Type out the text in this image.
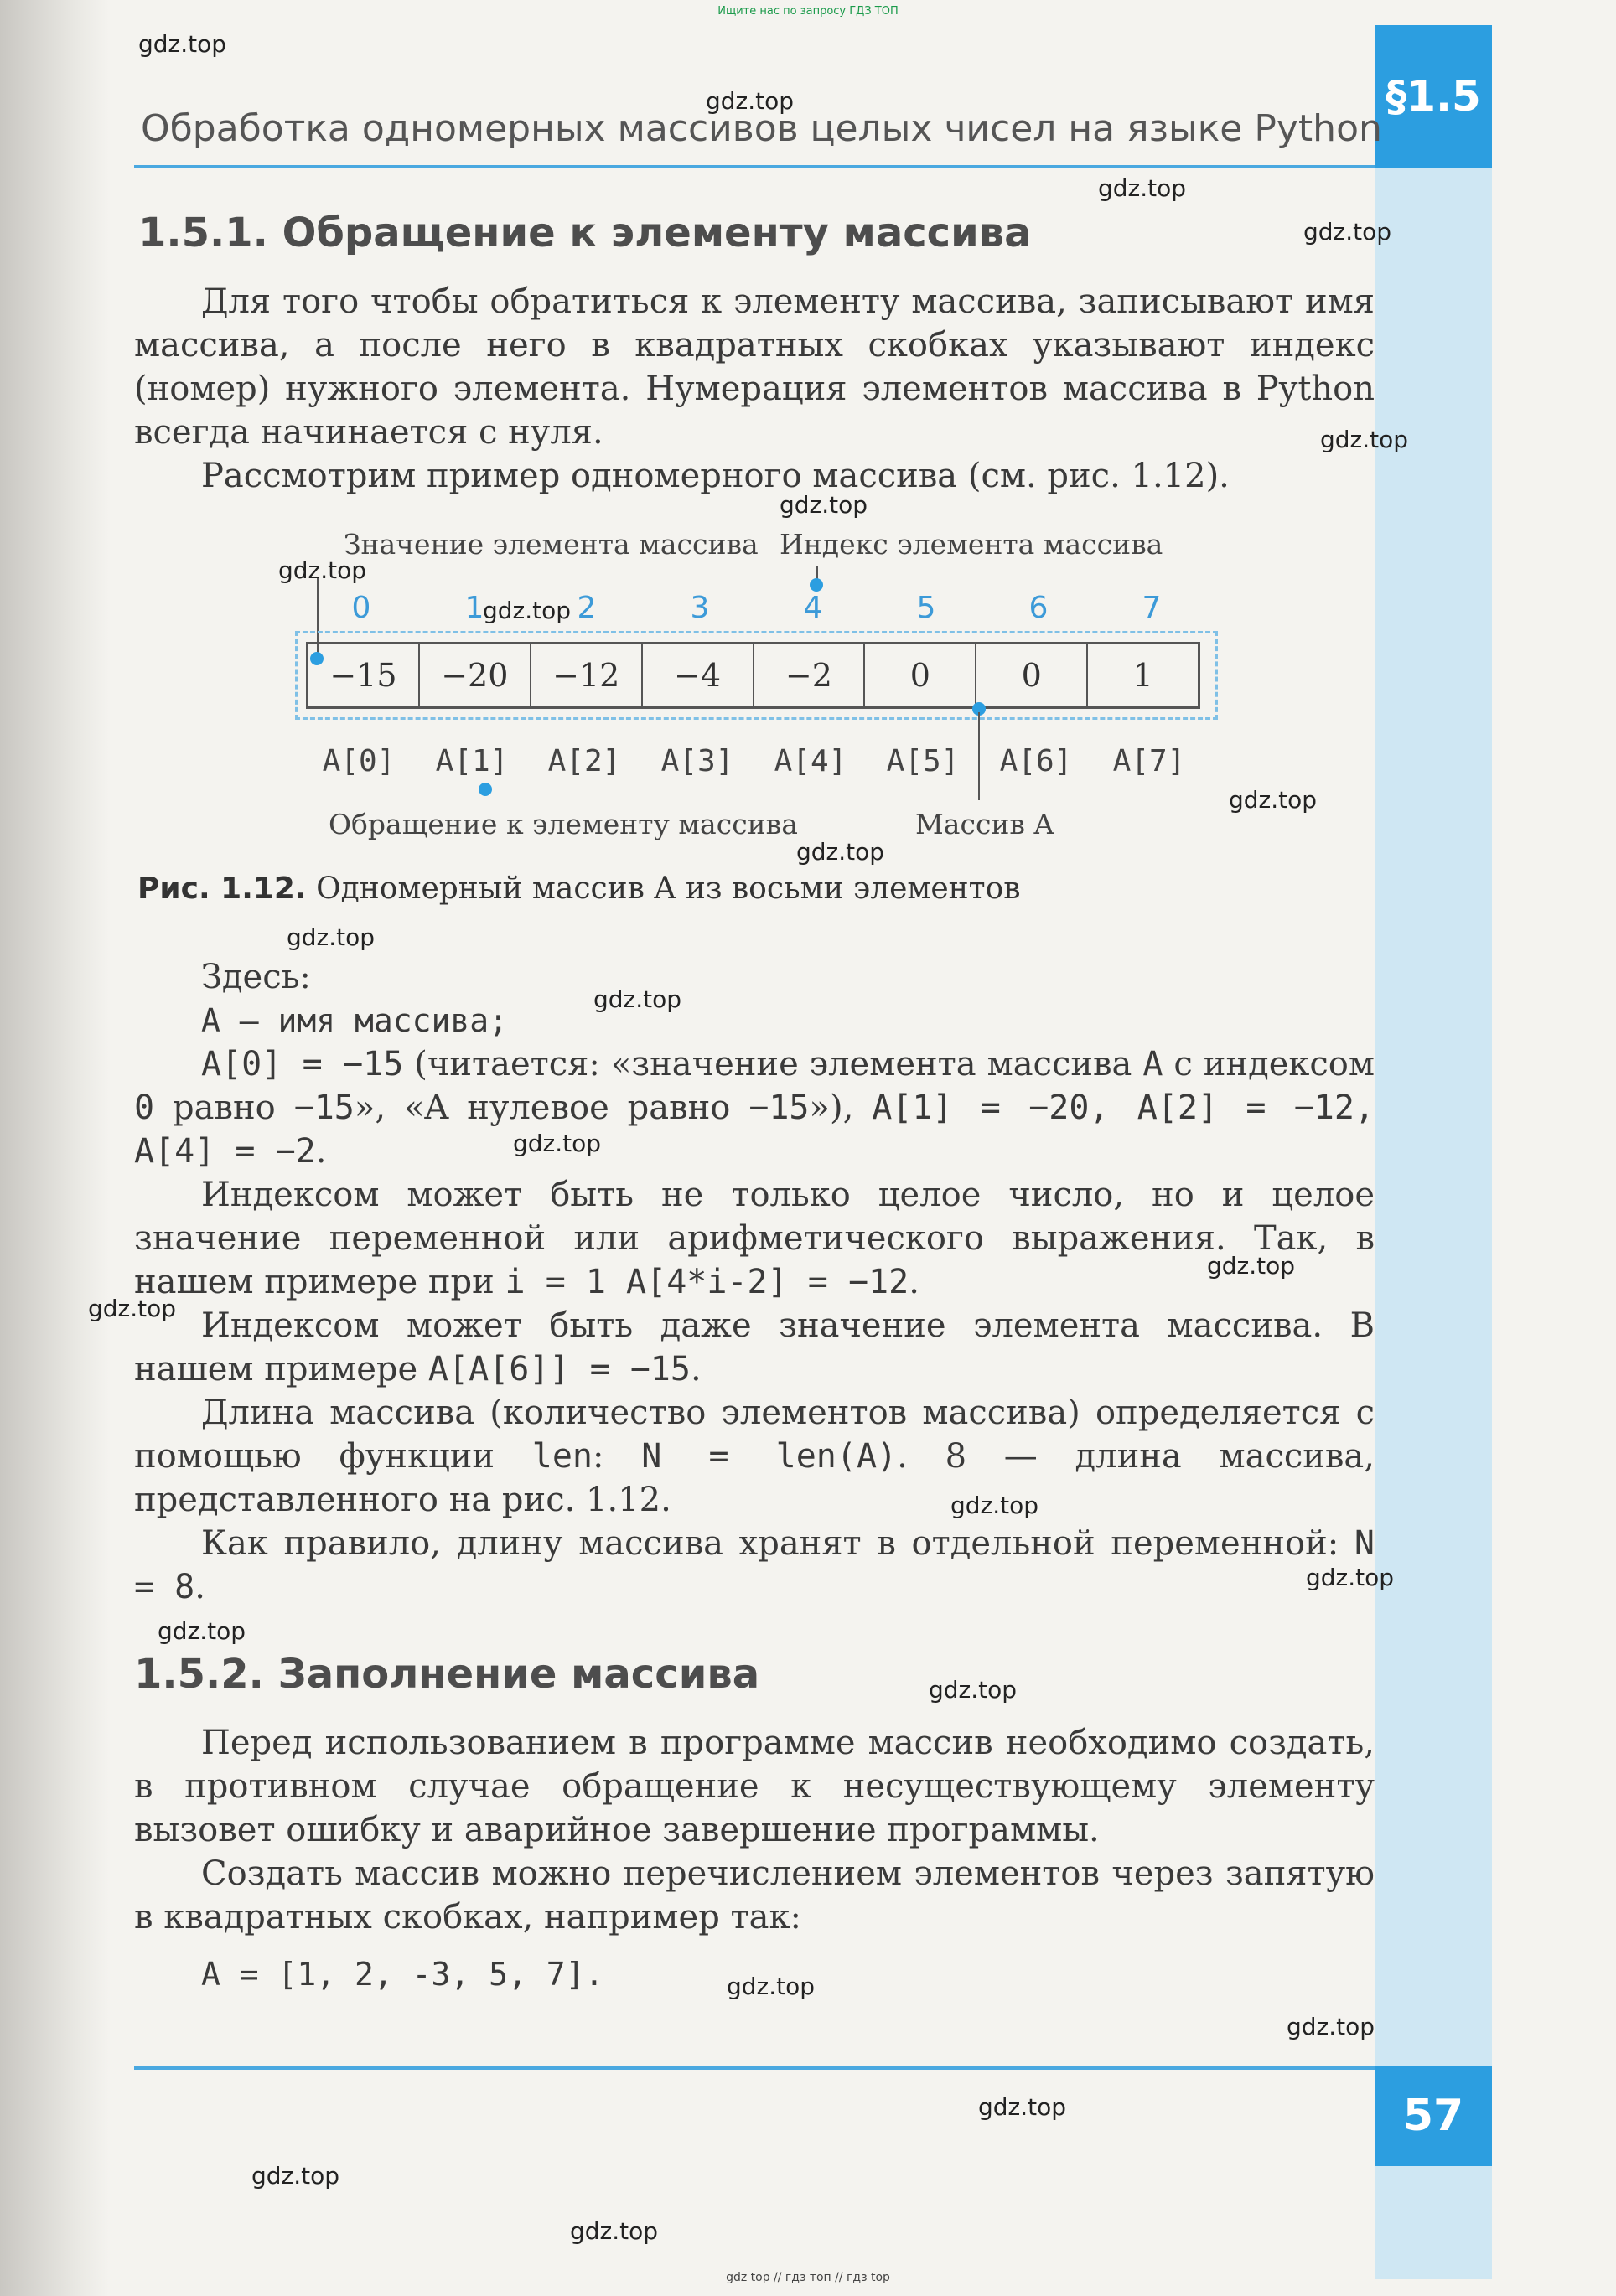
Ищите нас по запросу ГДЗ ТОП
§1.5
Обработка одномерных массивов целых чисел на языке Python
1.5.1. Обращение к элементу массива

Для того чтобы обратиться к элементу массива, записывают имя массива, а после него в квадратных скобках указывают индекс (номер) нужного элемента. Нумерация элементов массива в Python всегда начинается с нуля.

Рассмотрим пример одномерного массива (см. рис. 1.12).

Значение элемента массива Индекс элемента массива
0	1	2	3	4	5	6	7
−15	−20	−12	−4	−2	0	0	1
A[0]	A[1]	A[2]	A[3]	A[4]	A[5]	A[6]	A[7]
Обращение к элементу массива	Массив A
Рис. 1.12. Одномерный массив A из восьми элементов

Здесь:

A — имя массива;

A[0] = −15 (читается: «значение элемента массива A с индексом 0 равно −15», «A нулевое равно −15»), A[1] = −20, A[2] = −12, A[4] = −2.

Индексом может быть не только целое число, но и целое значение переменной или арифметического выражения. Так, в нашем примере при i = 1 A[4*i-2] = −12.

Индексом может быть даже значение элемента массива. В нашем примере A[A[6]] = −15.

Длина массива (количество элементов массива) определяется с помощью функции len: N = len(A). 8 — длина массива, представленного на рис. 1.12.

Как правило, длину массива хранят в отдельной переменной: N = 8.

1.5.2. Заполнение массива

Перед использованием в программе массив необходимо создать, в противном случае обращение к несуществующему элементу вызовет ошибку и аварийное завершение программы.

Создать массив можно перечислением элементов через запятую в квадратных скобках, например так:

A = [1, 2, -3, 5, 7].

57
gdz.top
gdz.top
gdz.top
gdz.top
gdz.top
gdz.top
gdz.top
gdz.top
gdz.top
gdz.top
gdz.top
gdz.top
gdz.top
gdz.top
gdz.top
gdz.top
gdz.top
gdz.top
gdz.top
gdz.top
gdz.top
gdz.top
gdz.top
gdz.top
gdz top // гдз топ // гдз top
